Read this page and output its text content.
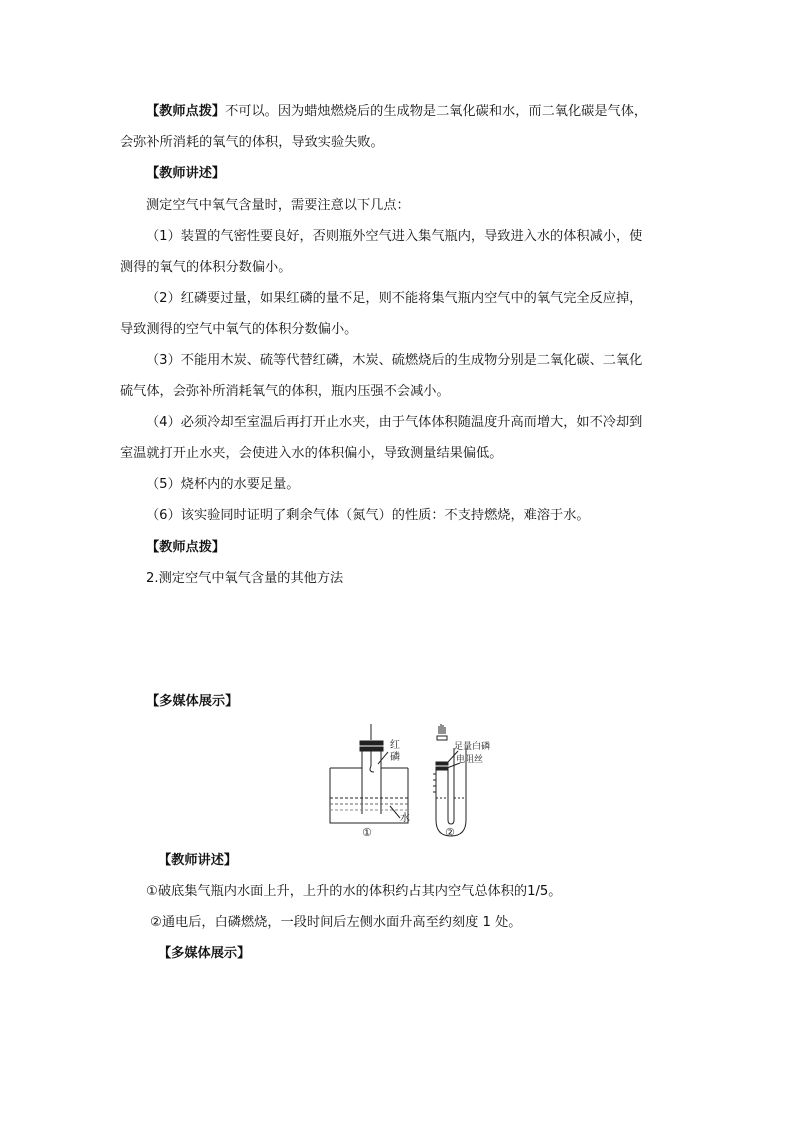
【教师点拨】不可以。因为蜡烛燃烧后的生成物是二氧化碳和水，而二氧化碳是气体，
会弥补所消耗的氧气的体积，导致实验失败。
【教师讲述】
测定空气中氧气含量时，需要注意以下几点：
（1）装置的气密性要良好，否则瓶外空气进入集气瓶内，导致进入水的体积减小，使
测得的氧气的体积分数偏小。
（2）红磷要过量，如果红磷的量不足，则不能将集气瓶内空气中的氧气完全反应掉，
导致测得的空气中氧气的体积分数偏小。
（3）不能用木炭、硫等代替红磷，木炭、硫燃烧后的生成物分别是二氧化碳、二氧化
硫气体，会弥补所消耗氧气的体积，瓶内压强不会减小。
（4）必须冷却至室温后再打开止水夹，由于气体体积随温度升高而增大，如不冷却到
室温就打开止水夹，会使进入水的体积偏小，导致测量结果偏低。
（5）烧杯内的水要足量。
（6）该实验同时证明了剩余气体（氮气）的性质：不支持燃烧，难溶于水。
【教师点拨】
2.测定空气中氧气含量的其他方法
【多媒体展示】
红
磷
水
①
足量白磷
电阻丝
②
【教师讲述】
①破底集气瓶内水面上升，上升的水的体积约占其内空气总体积的1/5。
②通电后，白磷燃烧，一段时间后左侧水面升高至约刻度 1 处。
【多媒体展示】
